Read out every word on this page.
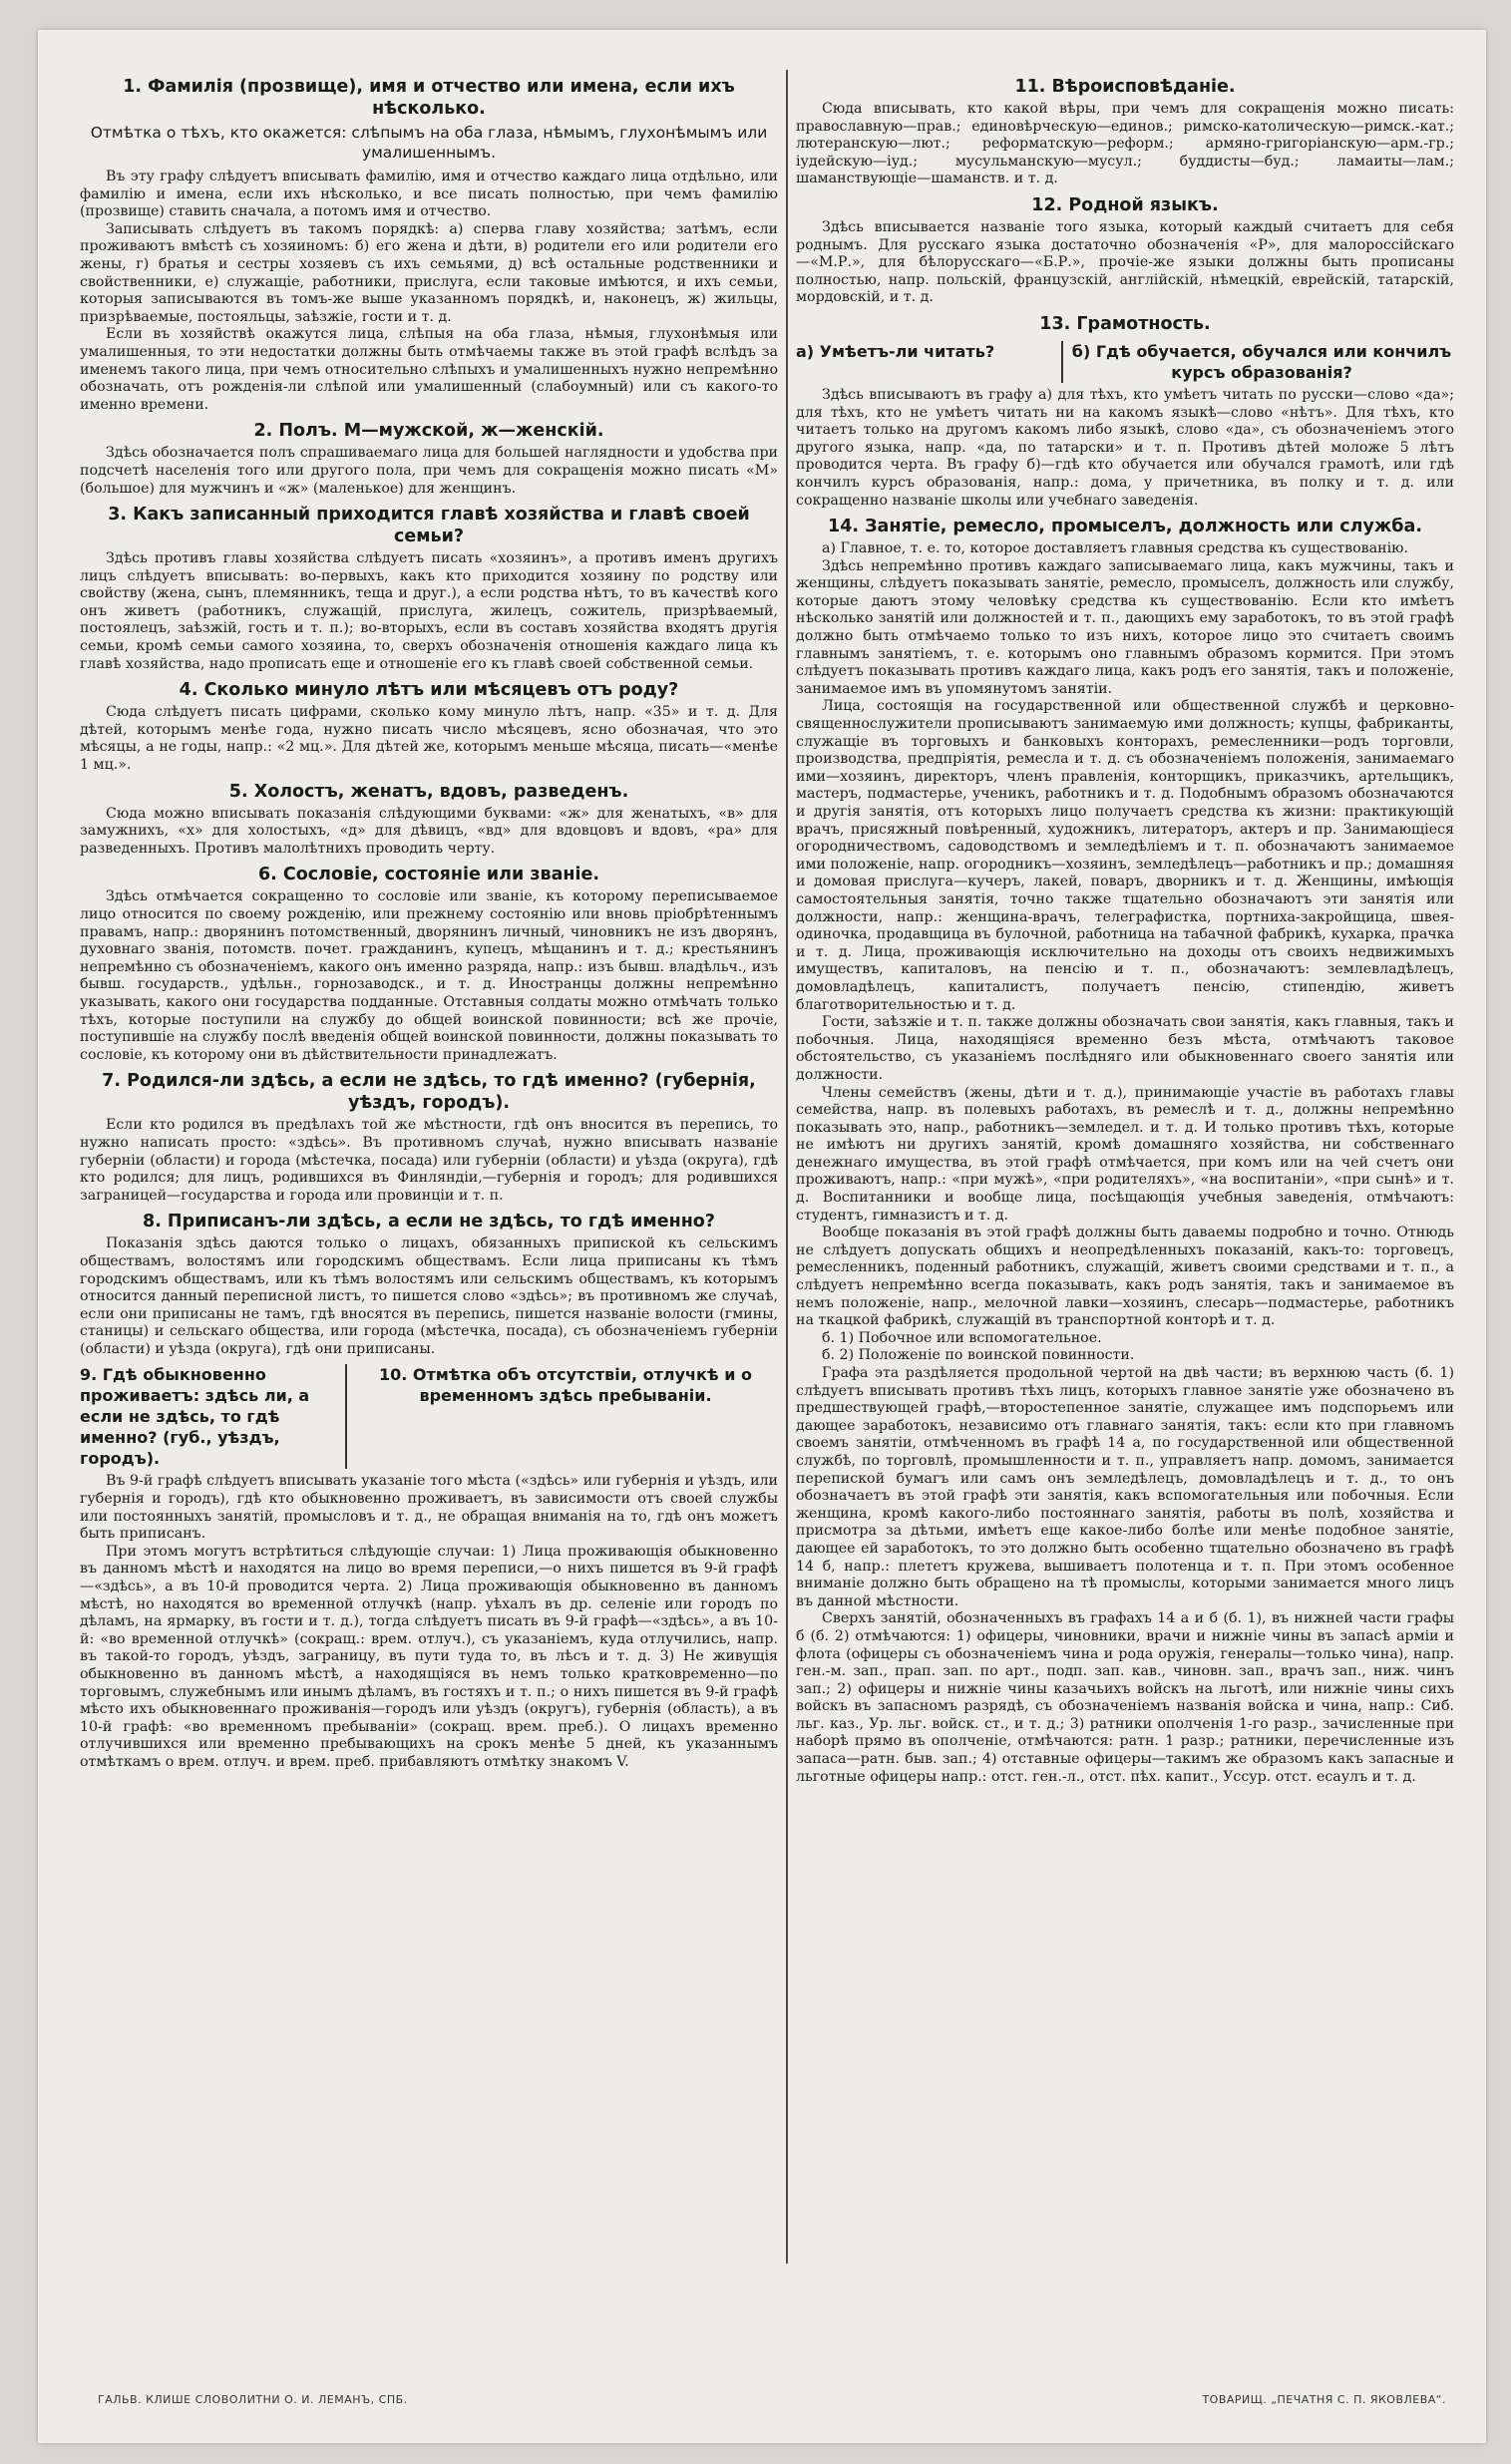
1. Фамилія (прозвище), имя и отчество или имена, если ихъ нѣсколько.

Отмѣтка о тѣхъ, кто окажется: слѣпымъ на оба глаза, нѣмымъ, глухонѣмымъ или умалишеннымъ.

Въ эту графу слѣдуетъ вписывать фамилію, имя и отчество каждаго лица отдѣльно, или фамилію и имена, если ихъ нѣсколько, и все писать полностью, при чемъ фамилію (прозвище) ставить сначала, а потомъ имя и отчество.

Записывать слѣдуетъ въ такомъ порядкѣ: а) сперва главу хозяйства; затѣмъ, если проживаютъ вмѣстѣ съ хозяиномъ: б) его жена и дѣти, в) родители его или родители его жены, г) братья и сестры хозяевъ съ ихъ семьями, д) всѣ остальные родственники и свойственники, е) служащіе, работники, прислуга, если таковые имѣются, и ихъ семьи, которыя записываются въ томъ-же выше указанномъ порядкѣ, и, наконецъ, ж) жильцы, призрѣваемые, постояльцы, заѣзжіе, гости и т. д.

Если въ хозяйствѣ окажутся лица, слѣпыя на оба глаза, нѣмыя, глухонѣмыя или умалишенныя, то эти недостатки должны быть отмѣчаемы также въ этой графѣ вслѣдъ за именемъ такого лица, при чемъ относительно слѣпыхъ и умалишенныхъ нужно непремѣнно обозначать, отъ рожденія-ли слѣпой или умалишенный (слабоумный) или съ какого-то именно времени.

2. Полъ. М—мужской, ж—женскій.

Здѣсь обозначается полъ спрашиваемаго лица для большей наглядности и удобства при подсчетѣ населенія того или другого пола, при чемъ для сокращенія можно писать «М» (большое) для мужчинъ и «ж» (маленькое) для женщинъ.

3. Какъ записанный приходится главѣ хозяйства и главѣ своей семьи?

Здѣсь противъ главы хозяйства слѣдуетъ писать «хозяинъ», а противъ именъ другихъ лицъ слѣдуетъ вписывать: во-первыхъ, какъ кто приходится хозяину по родству или свойству (жена, сынъ, племянникъ, теща и друг.), а если родства нѣтъ, то въ качествѣ кого онъ живетъ (работникъ, служащій, прислуга, жилецъ, сожитель, призрѣваемый, постоялецъ, заѣзжій, гость и т. п.); во-вторыхъ, если въ составъ хозяйства входятъ другія семьи, кромѣ семьи самого хозяина, то, сверхъ обозначенія отношенія каждаго лица къ главѣ хозяйства, надо прописать еще и отношеніе его къ главѣ своей собственной семьи.

4. Сколько минуло лѣтъ или мѣсяцевъ отъ роду?

Сюда слѣдуетъ писать цифрами, сколько кому минуло лѣтъ, напр. «35» и т. д. Для дѣтей, которымъ менѣе года, нужно писать число мѣсяцевъ, ясно обозначая, что это мѣсяцы, а не годы, напр.: «2 мц.». Для дѣтей же, которымъ меньше мѣсяца, писать—«менѣе 1 мц.».

5. Холостъ, женатъ, вдовъ, разведенъ.

Сюда можно вписывать показанія слѣдующими буквами: «ж» для женатыхъ, «в» для замужнихъ, «х» для холостыхъ, «д» для дѣвицъ, «вд» для вдовцовъ и вдовъ, «ра» для разведенныхъ. Противъ малолѣтнихъ проводить черту.

6. Сословіе, состояніе или званіе.

Здѣсь отмѣчается сокращенно то сословіе или званіе, къ которому переписываемое лицо относится по своему рожденію, или прежнему состоянію или вновь пріобрѣтеннымъ правамъ, напр.: дворянинъ потомственный, дворянинъ личный, чиновникъ не изъ дворянъ, духовнаго званія, потомств. почет. гражданинъ, купецъ, мѣщанинъ и т. д.; крестьянинъ непремѣнно съ обозначеніемъ, какого онъ именно разряда, напр.: изъ бывш. владѣльч., изъ бывш. государств., удѣльн., горнозаводск., и т. д. Иностранцы должны непремѣнно указывать, какого они государства подданные. Отставныя солдаты можно отмѣчать только тѣхъ, которые поступили на службу до общей воинской повинности; всѣ же прочіе, поступившіе на службу послѣ введенія общей воинской повинности, должны показывать то сословіе, къ которому они въ дѣйствительности принадлежатъ.

7. Родился-ли здѣсь, а если не здѣсь, то гдѣ именно? (губернія, уѣздъ, городъ).

Если кто родился въ предѣлахъ той же мѣстности, гдѣ онъ вносится въ перепись, то нужно написать просто: «здѣсь». Въ противномъ случаѣ, нужно вписывать названіе губерніи (области) и города (мѣстечка, посада) или губерніи (области) и уѣзда (округа), гдѣ кто родился; для лицъ, родившихся въ Финляндіи,—губернія и городъ; для родившихся заграницей—государства и города или провинціи и т. п.

8. Приписанъ-ли здѣсь, а если не здѣсь, то гдѣ именно?

Показанія здѣсь даются только о лицахъ, обязанныхъ припиской къ сельскимъ обществамъ, волостямъ или городскимъ обществамъ. Если лица приписаны къ тѣмъ городскимъ обществамъ, или къ тѣмъ волостямъ или сельскимъ обществамъ, къ которымъ относится данный переписной листъ, то пишется слово «здѣсь»; въ противномъ же случаѣ, если они приписаны не тамъ, гдѣ вносятся въ перепись, пишется названіе волости (гмины, станицы) и сельскаго общества, или города (мѣстечка, посада), съ обозначеніемъ губерніи (области) и уѣзда (округа), гдѣ они приписаны.

9. Гдѣ обыкновенно проживаетъ: здѣсь ли, а если не здѣсь, то гдѣ именно? (губ., уѣздъ, городъ).
10. Отмѣтка объ отсутствіи, отлучкѣ и о временномъ здѣсь пребываніи.

Въ 9-й графѣ слѣдуетъ вписывать указаніе того мѣста («здѣсь» или губернія и уѣздъ, или губернія и городъ), гдѣ кто обыкновенно проживаетъ, въ зависимости отъ своей службы или постоянныхъ занятій, промысловъ и т. д., не обращая вниманія на то, гдѣ онъ можетъ быть приписанъ.

При этомъ могутъ встрѣтиться слѣдующіе случаи: 1) Лица проживающія обыкновенно въ данномъ мѣстѣ и находятся на лицо во время переписи,—о нихъ пишется въ 9-й графѣ—«здѣсь», а въ 10-й проводится черта. 2) Лица проживающія обыкновенно въ данномъ мѣстѣ, но находятся во временной отлучкѣ (напр. уѣхалъ въ др. селеніе или городъ по дѣламъ, на ярмарку, въ гости и т. д.), тогда слѣдуетъ писать въ 9-й графѣ—«здѣсь», а въ 10-й: «во временной отлучкѣ» (сокращ.: врем. отлуч.), съ указаніемъ, куда отлучились, напр. въ такой-то городъ, уѣздъ, заграницу, въ пути туда то, въ лѣсъ и т. д. 3) Не живущія обыкновенно въ данномъ мѣстѣ, а находящіяся въ немъ только кратковременно—по торговымъ, служебнымъ или инымъ дѣламъ, въ гостяхъ и т. п.; о нихъ пишется въ 9-й графѣ мѣсто ихъ обыкновеннаго проживанія—городъ или уѣздъ (округъ), губернія (область), а въ 10-й графѣ: «во временномъ пребываніи» (сокращ. врем. преб.). О лицахъ временно отлучившихся или временно пребывающихъ на срокъ менѣе 5 дней, къ указаннымъ отмѣткамъ о врем. отлуч. и врем. преб. прибавляютъ отмѣтку знакомъ V.

11. Вѣроисповѣданіе.

Сюда вписывать, кто какой вѣры, при чемъ для сокращенія можно писать: православную—прав.; единовѣрческую—единов.; римско-католическую—римск.-кат.; лютеранскую—лют.; реформатскую—реформ.; армяно-григоріанскую—арм.-гр.; іудейскую—іуд.; мусульманскую—мусул.; буддисты—буд.; ламаиты—лам.; шаманствующіе—шаманств. и т. д.

12. Родной языкъ.

Здѣсь вписывается названіе того языка, который каждый считаетъ для себя роднымъ. Для русскаго языка достаточно обозначенія «Р», для малороссійскаго—«М.Р.», для бѣлорусскаго—«Б.Р.», прочіе-же языки должны быть прописаны полностью, напр. польскій, французскій, англійскій, нѣмецкій, еврейскій, татарскій, мордовскій, и т. д.

13. Грамотность.
а) Умѣетъ-ли читать?	б) Гдѣ обучается, обучался или кончилъ курсъ образованія?

Здѣсь вписываютъ въ графу а) для тѣхъ, кто умѣетъ читать по русски—слово «да»; для тѣхъ, кто не умѣетъ читать ни на какомъ языкѣ—слово «нѣтъ». Для тѣхъ, кто читаетъ только на другомъ какомъ либо языкѣ, слово «да», съ обозначеніемъ этого другого языка, напр. «да, по татарски» и т. п. Противъ дѣтей моложе 5 лѣтъ проводится черта. Въ графу б)—гдѣ кто обучается или обучался грамотѣ, или гдѣ кончилъ курсъ образованія, напр.: дома, у причетника, въ полку и т. д. или сокращенно названіе школы или учебнаго заведенія.

14. Занятіе, ремесло, промыселъ, должность или служба.

а) Главное, т. е. то, которое доставляетъ главныя средства къ существованію.

Здѣсь непремѣнно противъ каждаго записываемаго лица, какъ мужчины, такъ и женщины, слѣдуетъ показывать занятіе, ремесло, промыселъ, должность или службу, которые даютъ этому человѣку средства къ существованію. Если кто имѣетъ нѣсколько занятій или должностей и т. п., дающихъ ему заработокъ, то въ этой графѣ должно быть отмѣчаемо только то изъ нихъ, которое лицо это считаетъ своимъ главнымъ занятіемъ, т. е. которымъ оно главнымъ образомъ кормится. При этомъ слѣдуетъ показывать противъ каждаго лица, какъ родъ его занятія, такъ и положеніе, занимаемое имъ въ упомянутомъ занятіи.

Лица, состоящія на государственной или общественной службѣ и церковно-священнослужители прописываютъ занимаемую ими должность; купцы, фабриканты, служащіе въ торговыхъ и банковыхъ конторахъ, ремесленники—родъ торговли, производства, предпріятія, ремесла и т. д. съ обозначеніемъ положенія, занимаемаго ими—хозяинъ, директоръ, членъ правленія, конторщикъ, приказчикъ, артельщикъ, мастеръ, подмастерье, ученикъ, работникъ и т. д. Подобнымъ образомъ обозначаются и другія занятія, отъ которыхъ лицо получаетъ средства къ жизни: практикующій врачъ, присяжный повѣренный, художникъ, литераторъ, актеръ и пр. Занимающіеся огородничествомъ, садоводствомъ и земледѣліемъ и т. п. обозначаютъ занимаемое ими положеніе, напр. огородникъ—хозяинъ, земледѣлецъ—работникъ и пр.; домашняя и домовая прислуга—кучеръ, лакей, поваръ, дворникъ и т. д. Женщины, имѣющія самостоятельныя занятія, точно также тщательно обозначаютъ эти занятія или должности, напр.: женщина-врачъ, телеграфистка, портниха-закройщица, швея-одиночка, продавщица въ булочной, работница на табачной фабрикѣ, кухарка, прачка и т. д. Лица, проживающія исключительно на доходы отъ своихъ недвижимыхъ имуществъ, капиталовъ, на пенсію и т. п., обозначаютъ: землевладѣлецъ, домовладѣлецъ, капиталистъ, получаетъ пенсію, стипендію, живетъ благотворительностью и т. д.

Гости, заѣзжіе и т. п. также должны обозначать свои занятія, какъ главныя, такъ и побочныя. Лица, находящіяся временно безъ мѣста, отмѣчаютъ таковое обстоятельство, съ указаніемъ послѣдняго или обыкновеннаго своего занятія или должности.

Члены семействъ (жены, дѣти и т. д.), принимающіе участіе въ работахъ главы семейства, напр. въ полевыхъ работахъ, въ ремеслѣ и т. д., должны непремѣнно показывать это, напр., работникъ—земледел. и т. д. И только противъ тѣхъ, которые не имѣютъ ни другихъ занятій, кромѣ домашняго хозяйства, ни собственнаго денежнаго имущества, въ этой графѣ отмѣчается, при комъ или на чей счетъ они проживаютъ, напр.: «при мужѣ», «при родителяхъ», «на воспитаніи», «при сынѣ» и т. д. Воспитанники и вообще лица, посѣщающія учебныя заведенія, отмѣчаютъ: студентъ, гимназистъ и т. д.

Вообще показанія въ этой графѣ должны быть даваемы подробно и точно. Отнюдь не слѣдуетъ допускать общихъ и неопредѣленныхъ показаній, какъ-то: торговецъ, ремесленникъ, поденный работникъ, служащій, живетъ своими средствами и т. п., а слѣдуетъ непремѣнно всегда показывать, какъ родъ занятія, такъ и занимаемое въ немъ положеніе, напр., мелочной лавки—хозяинъ, слесарь—подмастерье, работникъ на ткацкой фабрикѣ, служащій въ транспортной конторѣ и т. д.

б. 1) Побочное или вспомогательное.

б. 2) Положеніе по воинской повинности.

Графа эта раздѣляется продольной чертой на двѣ части; въ верхнюю часть (б. 1) слѣдуетъ вписывать противъ тѣхъ лицъ, которыхъ главное занятіе уже обозначено въ предшествующей графѣ,—второстепенное занятіе, служащее имъ подспорьемъ или дающее заработокъ, независимо отъ главнаго занятія, такъ: если кто при главномъ своемъ занятіи, отмѣченномъ въ графѣ 14 а, по государственной или общественной службѣ, по торговлѣ, промышленности и т. п., управляетъ напр. домомъ, занимается перепиской бумагъ или самъ онъ земледѣлецъ, домовладѣлецъ и т. д., то онъ обозначаетъ въ этой графѣ эти занятія, какъ вспомогательныя или побочныя. Если женщина, кромѣ какого-либо постояннаго занятія, работы въ полѣ, хозяйства и присмотра за дѣтьми, имѣетъ еще какое-либо болѣе или менѣе подобное занятіе, дающее ей заработокъ, то это должно быть особенно тщательно обозначено въ графѣ 14 б, напр.: плететъ кружева, вышиваетъ полотенца и т. п. При этомъ особенное вниманіе должно быть обращено на тѣ промыслы, которыми занимается много лицъ въ данной мѣстности.

Сверхъ занятій, обозначенныхъ въ графахъ 14 а и б (б. 1), въ нижней части графы б (б. 2) отмѣчаются: 1) офицеры, чиновники, врачи и нижніе чины въ запасѣ арміи и флота (офицеры съ обозначеніемъ чина и рода оружія, генералы—только чина), напр. ген.-м. зап., прап. зап. по арт., подп. зап. кав., чиновн. зап., врачъ зап., ниж. чинъ зап.; 2) офицеры и нижніе чины казачьихъ войскъ на льготѣ, или нижніе чины сихъ войскъ въ запасномъ разрядѣ, съ обозначеніемъ названія войска и чина, напр.: Сиб. льг. каз., Ур. льг. войск. ст., и т. д.; 3) ратники ополченія 1-го разр., зачисленные при наборѣ прямо въ ополченіе, отмѣчаются: ратн. 1 разр.; ратники, перечисленные изъ запаса—ратн. быв. зап.; 4) отставные офицеры—такимъ же образомъ какъ запасные и льготные офицеры напр.: отст. ген.-л., отст. пѣх. капит., Уссур. отст. есаулъ и т. д.

ГАЛЬВ. КЛИШЕ СЛОВОЛИТНИ О. И. ЛЕМАНЪ, СПБ.	ТОВАРИЩ. „ПЕЧАТНЯ С. П. ЯКОВЛЕВА“.
